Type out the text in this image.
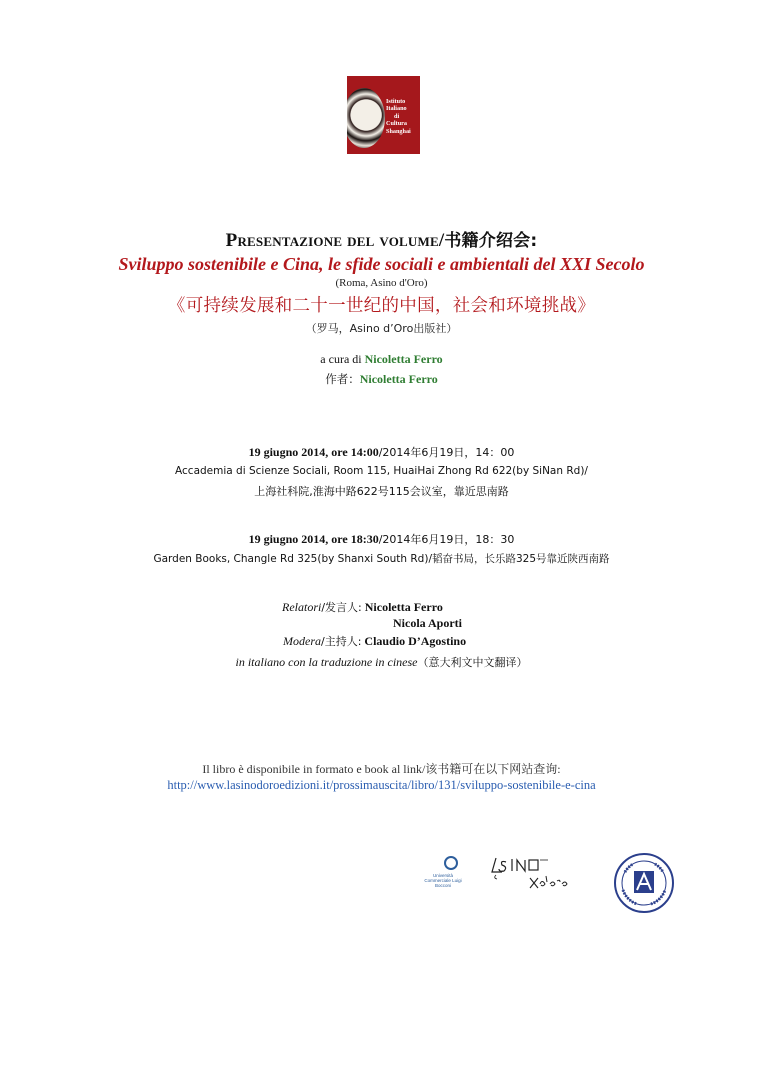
Istituto
Italiano
di
Cultura
Shanghai
Presentazione del volume/书籍介绍会:
Sviluppo sostenibile e Cina, le sfide sociali e ambientali del XXI Secolo
(Roma, Asino d'Oro)
《可持续发展和二十一世纪的中国，社会和环境挑战》
（罗马，Asino d’Oro出版社）
a cura di Nicoletta Ferro
作者：Nicoletta Ferro
19 giugno 2014, ore 14:00/2014年6月19日，14：00
Accademia di Scienze Sociali, Room 115, HuaiHai Zhong Rd 622(by SiNan Rd)/
上海社科院,淮海中路622号115会议室，靠近思南路
19 giugno 2014, ore 18:30/2014年6月19日，18：30
Garden Books, Changle Rd 325(by Shanxi South Rd)/韬奋书局，长乐路325号靠近陕西南路
Relatori/发言人: Nicoletta Ferro
Nicola Aporti
Modera/主持人: Claudio D’Agostino
in italiano con la traduzione in cinese（意大利文中文翻译）
Il libro è disponibile in formato e book al link/该书籍可在以下网站查询:
http://www.lasinodoroedizioni.it/prossimauscita/libro/131/sviluppo-sostenibile-e-cina
Università Commerciale Luigi Bocconi
